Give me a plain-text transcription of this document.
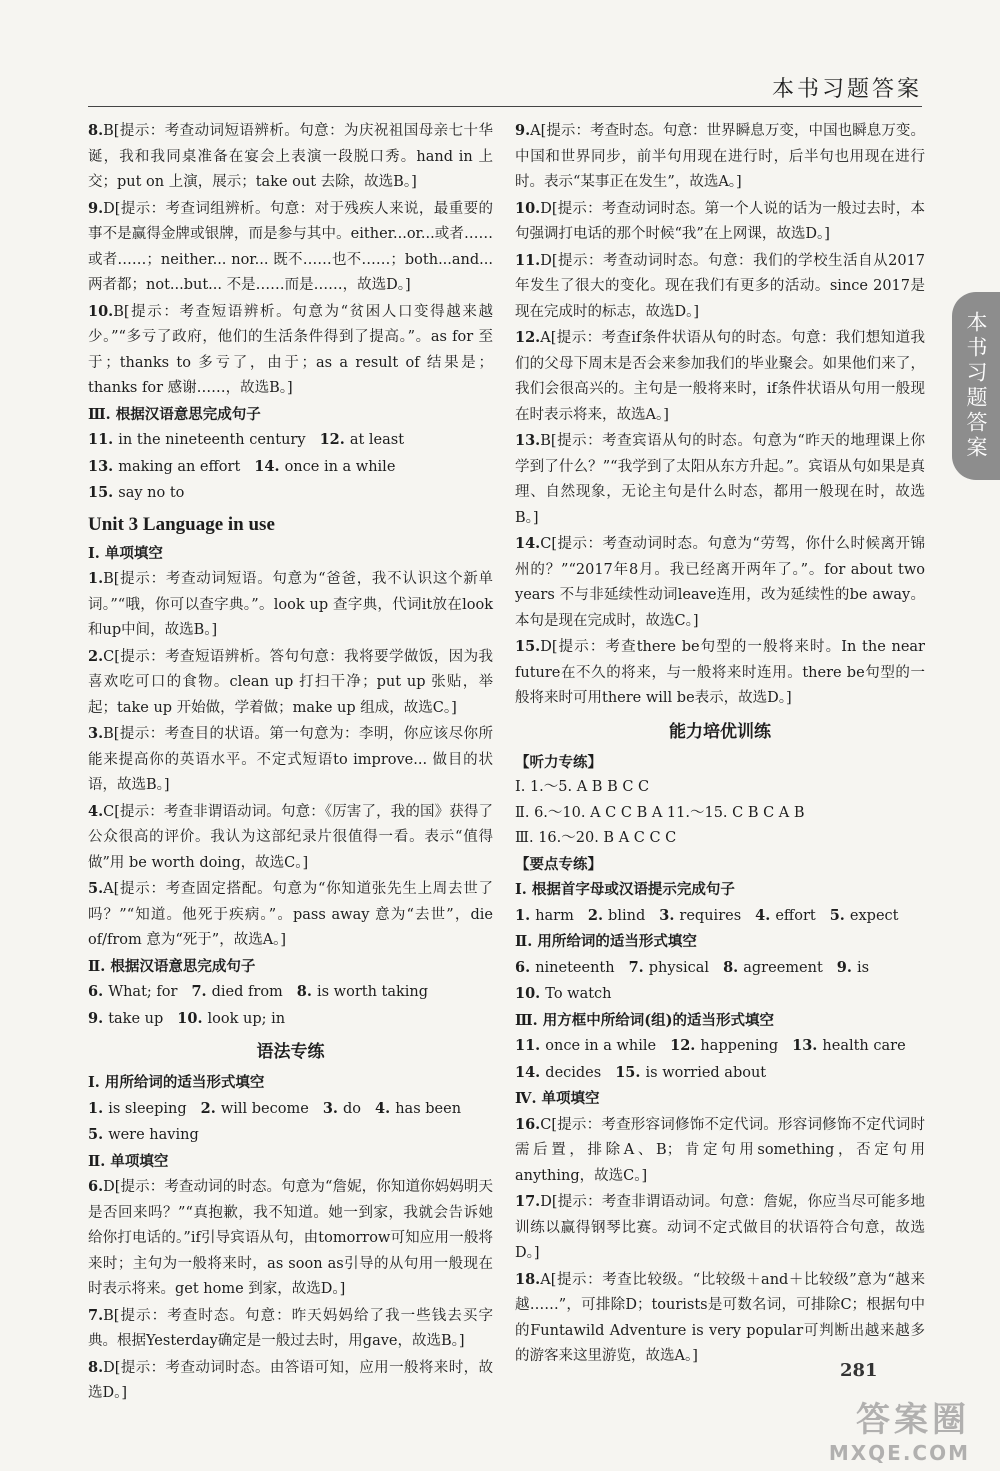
本书习题答案
本书习题答案
8.B[提示：考查动词短语辨析。句意：为庆祝祖国母亲七十华诞，我和我同桌准备在宴会上表演一段脱口秀。hand in 上交；put on 上演，展示；take out 去除，故选B。]
9.D[提示：考查词组辨析。句意：对于残疾人来说，最重要的事不是赢得金牌或银牌，而是参与其中。either...or...或者……或者……；neither... nor... 既不……也不……；both...and...两者都；not...but... 不是……而是……，故选D。]
10.B[提示：考查短语辨析。句意为“贫困人口变得越来越少。”“多亏了政府，他们的生活条件得到了提高。”。as for 至于；thanks to 多亏了，由于；as a result of 结果是；thanks for 感谢……，故选B。]
Ⅲ. 根据汉语意思完成句子
11. in the nineteenth century 12. at least
13. making an effort 14. once in a while
15. say no to
Unit 3 Language in use
Ⅰ. 单项填空
1.B[提示：考查动词短语。句意为“爸爸，我不认识这个新单词。”“哦，你可以查字典。”。look up 查字典，代词it放在look和up中间，故选B。]
2.C[提示：考查短语辨析。答句句意：我将要学做饭，因为我喜欢吃可口的食物。clean up 打扫干净；put up 张贴，举起；take up 开始做，学着做；make up 组成，故选C。]
3.B[提示：考查目的状语。第一句意为：李明，你应该尽你所能来提高你的英语水平。不定式短语to improve... 做目的状语，故选B。]
4.C[提示：考查非谓语动词。句意：《厉害了，我的国》获得了公众很高的评价。我认为这部纪录片很值得一看。表示“值得做”用 be worth doing，故选C。]
5.A[提示：考查固定搭配。句意为“你知道张先生上周去世了吗？”“知道。他死于疾病。”。pass away 意为“去世”，die of/from 意为“死于”，故选A。]
Ⅱ. 根据汉语意思完成句子
6. What; for 7. died from 8. is worth taking
9. take up 10. look up; in
语法专练
Ⅰ. 用所给词的适当形式填空
1. is sleeping 2. will become 3. do 4. has been
5. were having
Ⅱ. 单项填空
6.D[提示：考查动词的时态。句意为“詹妮，你知道你妈妈明天是否回来吗？”“真抱歉，我不知道。她一到家，我就会告诉她给你打电话的。”if引导宾语从句，由tomorrow可知应用一般将来时；主句为一般将来时，as soon as引导的从句用一般现在时表示将来。get home 到家，故选D。]
7.B[提示：考查时态。句意：昨天妈妈给了我一些钱去买字典。根据Yesterday确定是一般过去时，用gave，故选B。]
8.D[提示：考查动词时态。由答语可知，应用一般将来时，故选D。]
9.A[提示：考查时态。句意：世界瞬息万变，中国也瞬息万变。中国和世界同步，前半句用现在进行时，后半句也用现在进行时。表示“某事正在发生”，故选A。]
10.D[提示：考查动词时态。第一个人说的话为一般过去时，本句强调打电话的那个时候“我”在上网课，故选D。]
11.D[提示：考查动词时态。句意：我们的学校生活自从2017年发生了很大的变化。现在我们有更多的活动。since 2017是现在完成时的标志，故选D。]
12.A[提示：考查if条件状语从句的时态。句意：我们想知道我们的父母下周末是否会来参加我们的毕业聚会。如果他们来了，我们会很高兴的。主句是一般将来时，if条件状语从句用一般现在时表示将来，故选A。]
13.B[提示：考查宾语从句的时态。句意为“昨天的地理课上你学到了什么？”“我学到了太阳从东方升起。”。宾语从句如果是真理、自然现象，无论主句是什么时态，都用一般现在时，故选B。]
14.C[提示：考查动词时态。句意为“劳驾，你什么时候离开锦州的？”“2017年8月。我已经离开两年了。”。for about two years 不与非延续性动词leave连用，改为延续性的be away。本句是现在完成时，故选C。]
15.D[提示：考查there be句型的一般将来时。In the near future在不久的将来，与一般将来时连用。there be句型的一般将来时可用there will be表示，故选D。]
能力培优训练
【听力专练】
Ⅰ. 1.～5. A B B C C
Ⅱ. 6.～10. A C C B A 11.～15. C B C A B
Ⅲ. 16.～20. B A C C C
【要点专练】
Ⅰ. 根据首字母或汉语提示完成句子
1. harm 2. blind 3. requires 4. effort 5. expect
Ⅱ. 用所给词的适当形式填空
6. nineteenth 7. physical 8. agreement 9. is
10. To watch
Ⅲ. 用方框中所给词(组)的适当形式填空
11. once in a while 12. happening 13. health care
14. decides 15. is worried about
Ⅳ. 单项填空
16.C[提示：考查形容词修饰不定代词。形容词修饰不定代词时需后置，排除A、B；肯定句用something，否定句用anything，故选C。]
17.D[提示：考查非谓语动词。句意：詹妮，你应当尽可能多地训练以赢得钢琴比赛。动词不定式做目的状语符合句意，故选D。]
18.A[提示：考查比较级。“比较级＋and＋比较级”意为“越来越……”，可排除D；tourists是可数名词，可排除C；根据句中的Funtawild Adventure is very popular可判断出越来越多的游客来这里游览，故选A。]
281
答案圈
MXQE.COM
